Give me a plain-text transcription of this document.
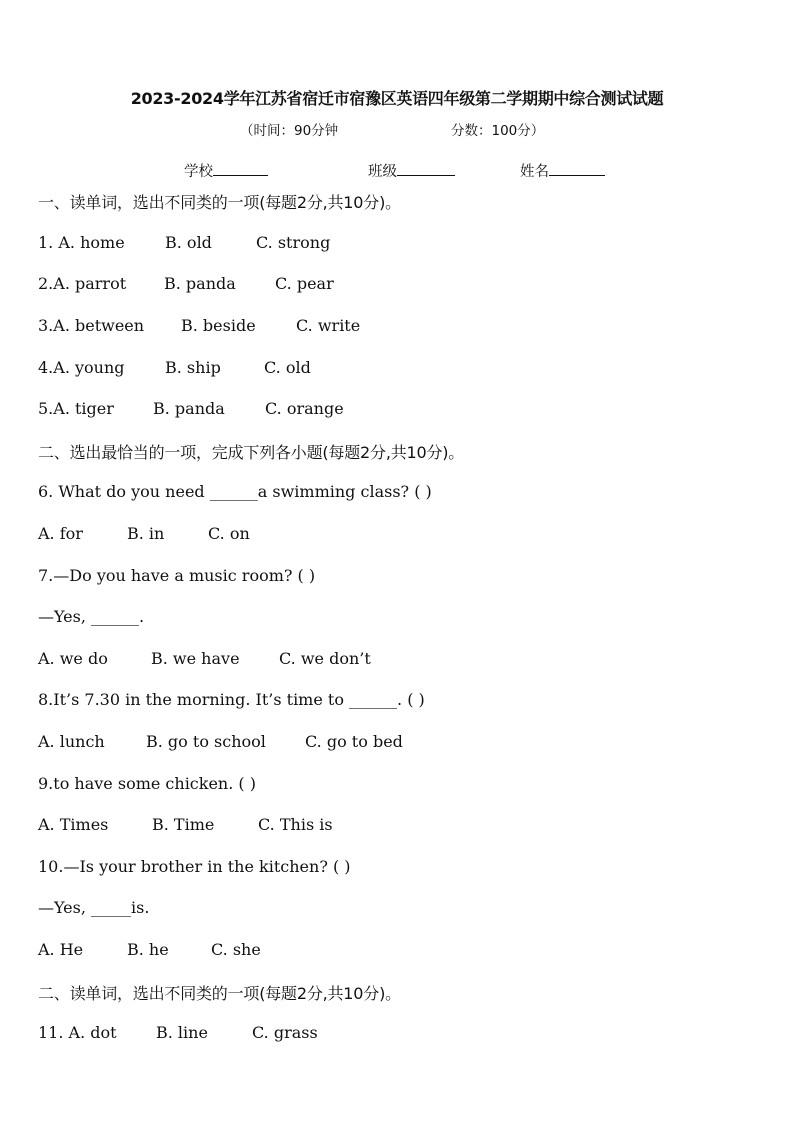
2023-2024学年江苏省宿迁市宿豫区英语四年级第二学期期中综合测试试题
（时间：90分钟	分数：100分）
学校	班级	姓名
一、读单词，选出不同类的一项(每题2分,共10分)。
1. A. home	B. old	C. strong
2.A. parrot B. panda C. pear
3.A. between B. beside	C. write
4.A. young	B. ship	C. old
5.A. tiger B. panda	C. orange
二、选出最恰当的一项，完成下列各小题(每题2分,共10分)。
6. What do you need ______a swimming class? ( )
A. for	B. in	C. on
7.—Do you have a music room? ( )
—Yes, ______.
A. we do	B. we have C. we don’t
8.It’s 7.30 in the morning. It’s time to ______. ( )
A. lunch	B. go to school C. go to bed
9.to have some chicken. ( )
A. Times	B. Time	C. This is
10.—Is your brother in the kitchen? ( )
—Yes, _____is.
A. He	B. he	C. she
二、读单词，选出不同类的一项(每题2分,共10分)。
11. A. dot B. line	C. grass
